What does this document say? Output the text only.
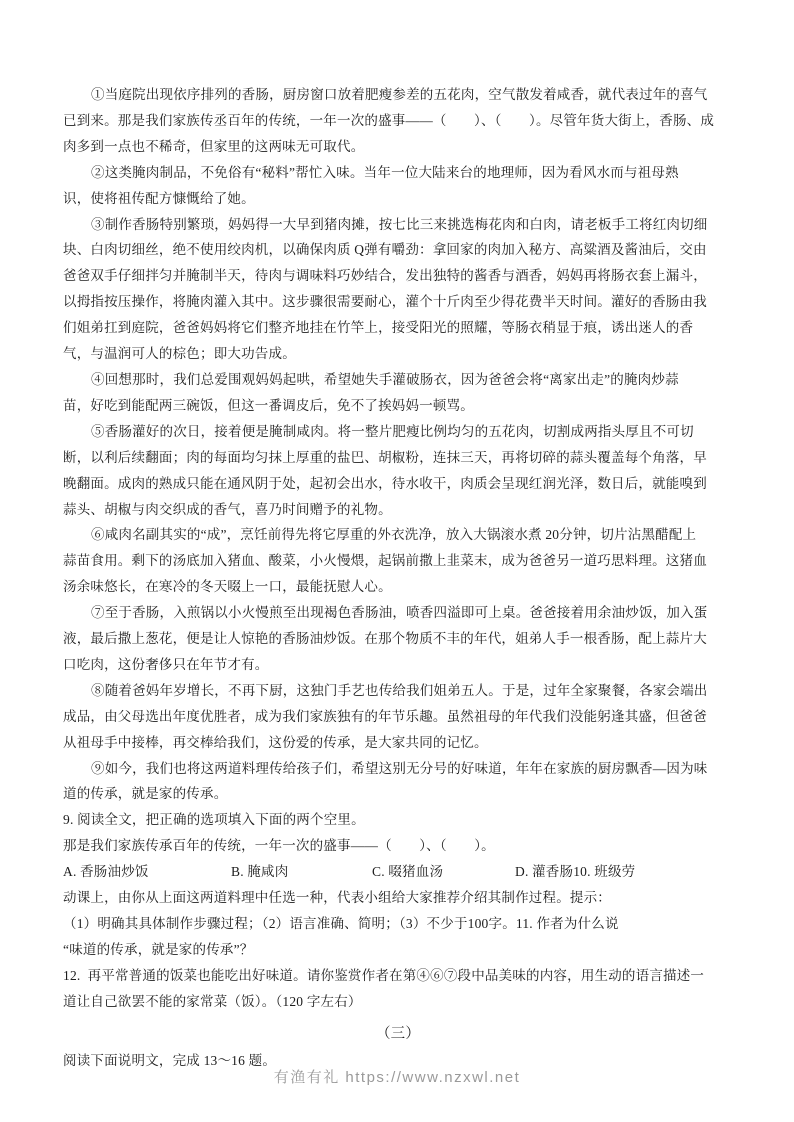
①当庭院出现依序排列的香肠，厨房窗口放着肥瘦参差的五花肉，空气散发着咸香，就代表过年的喜气
已到来。那是我们家族传丞百年的传统，一年一次的盛事——（　　）、（　　）。尽管年货大街上，香肠、成
肉多到一点也不稀奇，但家里的这两味无可取代。
②这类腌肉制品，不免俗有“秘料”帮忙入味。当年一位大陆来台的地理师，因为看风水而与祖母熟
识，使将祖传配方慷慨给了她。
③制作香肠特别繁琐，妈妈得一大早到猪肉摊，按七比三来挑选梅花肉和白肉，请老板手工将红肉切细
块、白肉切细丝，绝不使用绞肉机，以确保肉质 Q弹有嚼劲：拿回家的肉加入秘方、高粱酒及酱油后，交由
爸爸双手仔细拌匀并腌制半天，待肉与调味料巧妙结合，发出独特的酱香与酒香，妈妈再将肠衣套上漏斗，
以拇指按压操作，将腌肉灌入其中。这步骤很需要耐心，灌个十斤肉至少得花费半天时间。灌好的香肠由我
们姐弟扛到庭院，爸爸妈妈将它们整齐地挂在竹竿上，接受阳光的照耀，等肠衣稍显于痕，诱出迷人的香
气，与温润可人的棕色；即大功告成。
④回想那时，我们总爱围观妈妈起哄，希望她失手灌破肠衣，因为爸爸会将“离家出走”的腌肉炒蒜
苗，好吃到能配两三碗饭，但这一番调皮后，免不了挨妈妈一顿骂。
⑤香肠灌好的次日，接着便是腌制咸肉。将一整片肥瘦比例均匀的五花肉，切割成两指头厚且不可切
断，以利后续翻面；肉的每面均匀抹上厚重的盐巴、胡椒粉，连抹三天，再将切碎的蒜头覆盖每个角落，早
晚翻面。成肉的熟成只能在通风阴于处，起初会出水，待水收干，肉质会呈现红润光泽，数日后，就能嗅到
蒜头、胡椒与肉交织成的香气，喜乃时间赠予的礼物。
⑥咸肉名副其实的“成”，烹饪前得先将它厚重的外衣洗净，放入大锅滚水煮 20分钟，切片沾黑醋配上
蒜苗食用。剩下的汤底加入猪血、酸菜，小火慢煨，起锅前撒上韭菜末，成为爸爸另一道巧思料理。这猪血
汤余味悠长，在寒冷的冬天啜上一口，最能抚慰人心。
⑦至于香肠，入煎锅以小火慢煎至出现褐色香肠油，喷香四溢即可上桌。爸爸接着用余油炒饭，加入蛋
液，最后撒上葱花，便是让人惊艳的香肠油炒饭。在那个物质不丰的年代，姐弟人手一根香肠，配上蒜片大
口吃肉，这份奢侈只在年节才有。
⑧随着爸妈年岁增长，不再下厨，这独门手艺也传给我们姐弟五人。于是，过年全家聚餐，各家会端出
成品，由父母选出年度优胜者，成为我们家族独有的年节乐趣。虽然祖母的年代我们没能躬逢其盛，但爸爸
从祖母手中接棒，再交棒给我们，这份爱的传承，是大家共同的记忆。
⑨如今，我们也将这两道料理传给孩子们，希望这别无分号的好味道，年年在家族的厨房飘香—因为味
道的传承，就是家的传承。
9. 阅读全文，把正确的选项填入下面的两个空里。
那是我们家族传承百年的传统，一年一次的盛事——（　　）、（　　）。
A. 香肠油炒饭	B. 腌咸肉	C. 啜猪血汤	D. 灌香肠 10. 班级劳
动课上，由你从上面这两道料理中任选一种，代表小组给大家推荐介绍其制作过程。提示：
（1）明确其具体制作步骤过程；（2）语言准确、简明；（3）不少于100字。11. 作者为什么说
“味道的传承，就是家的传承”？
12.  再平常普通的饭菜也能吃出好味道。请你鉴赏作者在第④⑥⑦段中品美味的内容，用生动的语言描述一
道让自己欲罢不能的家常菜（饭）。（120 字左右）
（三）
阅读下面说明文，完成 13～16 题。
有渔有礼 https://www.nzxwl.net
